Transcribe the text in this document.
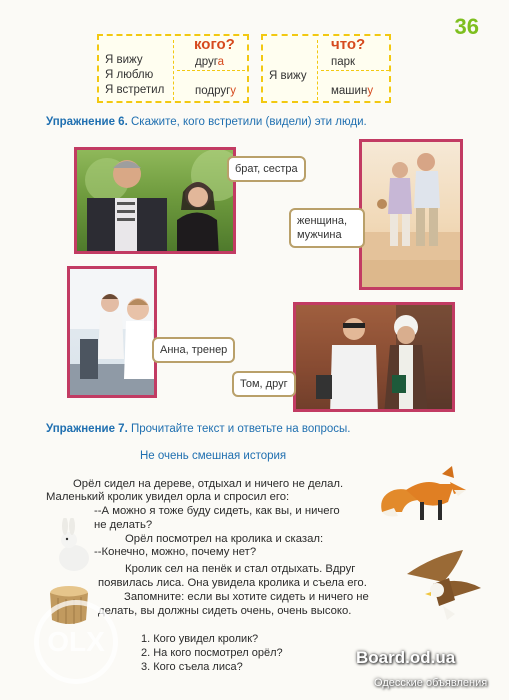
36
кого?
Я вижу
Я люблю
Я встретил
друга
подругу
что?
Я вижу
парк
машину
Упражнение 6. Скажите, кого встретили (видели) эти люди.
брат, сестра
женщина,
мужчина
Анна, тренер
Том, друг
Упражнение 7. Прочитайте текст и ответьте на вопросы.
Не очень смешная история
Орёл сидел на дереве, отдыхал и ничего не делал.
Маленький кролик увидел орла и спросил его:
--А можно я тоже буду сидеть, как вы, и ничего
не делать?
Орёл посмотрел на кролика и сказал:
--Конечно, можно, почему нет?
Кролик сел на пенёк и стал отдыхать. Вдруг
появилась лиса. Она увидела кролика и съела его.
Запомните: если вы хотите сидеть и ничего не
делать, вы должны сидеть очень, очень высоко.
1. Кого увидел кролик?
2. На кого посмотрел орёл?
3. Кого съела лиса?
OLX
Board.od.ua
Одесские объявления
